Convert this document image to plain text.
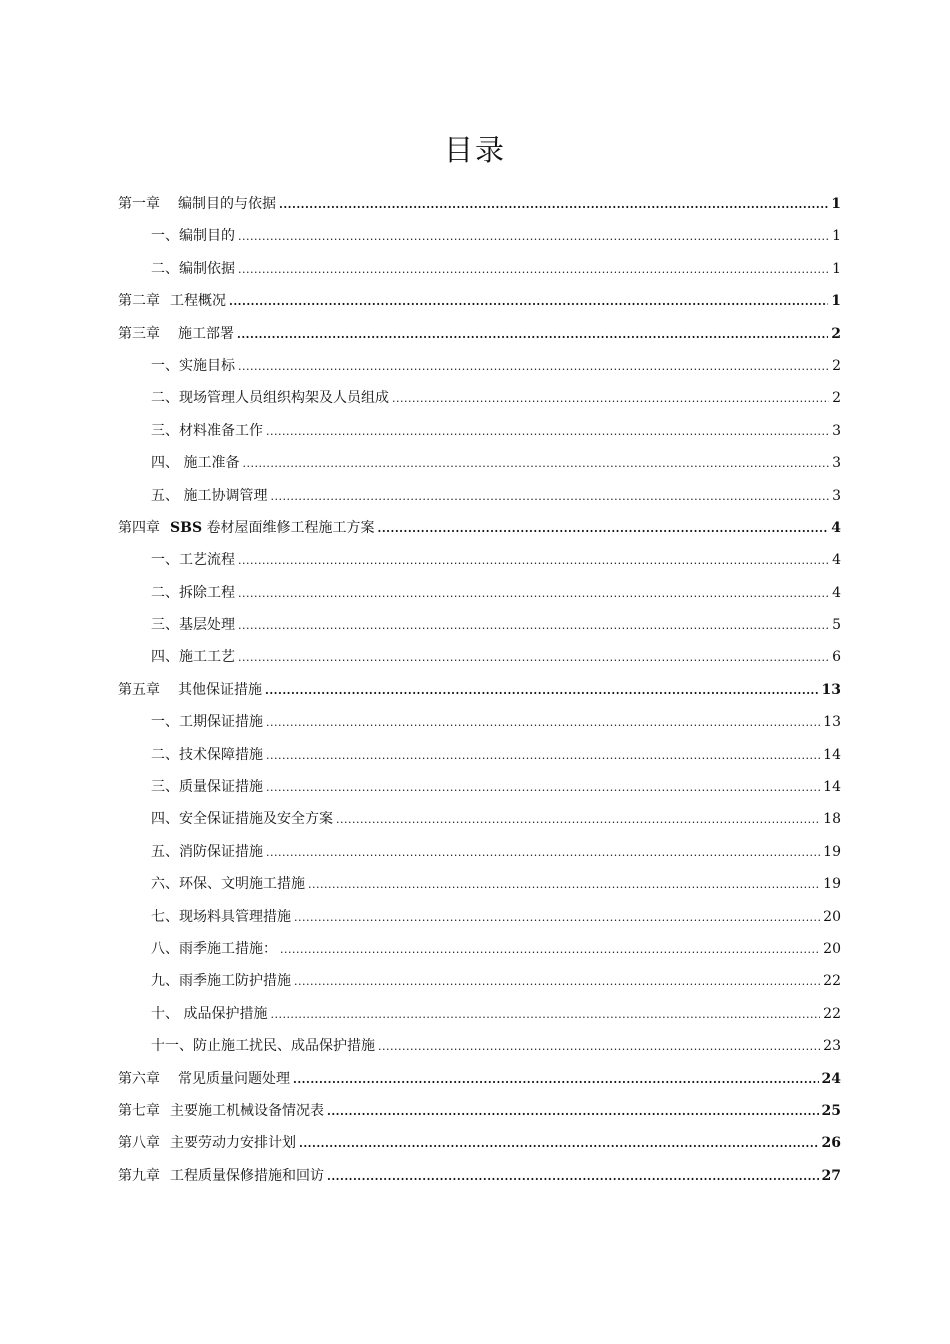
目录
第一章	编制目的与依据 .....	1
一、编制目的 .....	1
二、编制依据 .....	1
第二章 工程概况 .....	1
第三章	施工部署 .....	2
一、实施目标 .....	2
二、现场管理人员组织构架及人员组成 .....	2
三、材料准备工作 .....	3
四、 施工准备 .....	3
五、 施工协调管理 .....	3
第四章 SBS 卷材屋面维修工程施工方案 .....	4
一、工艺流程 .....	4
二、拆除工程 .....	4
三、基层处理 .....	5
四、施工工艺 .....	6
第五章	其他保证措施 .....	13
一、工期保证措施 .....	13
二、技术保障措施 .....	14
三、质量保证措施 .....	14
四、安全保证措施及安全方案 .....	18
五、消防保证措施 .....	19
六、环保、文明施工措施 .....	19
七、现场料具管理措施 .....	20
八、雨季施工措施： .....	20
九、雨季施工防护措施 .....	22
十、 成品保护措施 .....	22
十一、防止施工扰民、成品保护措施 .....	23
第六章	常见质量问题处理 .....	24
第七章 主要施工机械设备情况表 .....	25
第八章 主要劳动力安排计划 .....	26
第九章 工程质量保修措施和回访 .....	27
